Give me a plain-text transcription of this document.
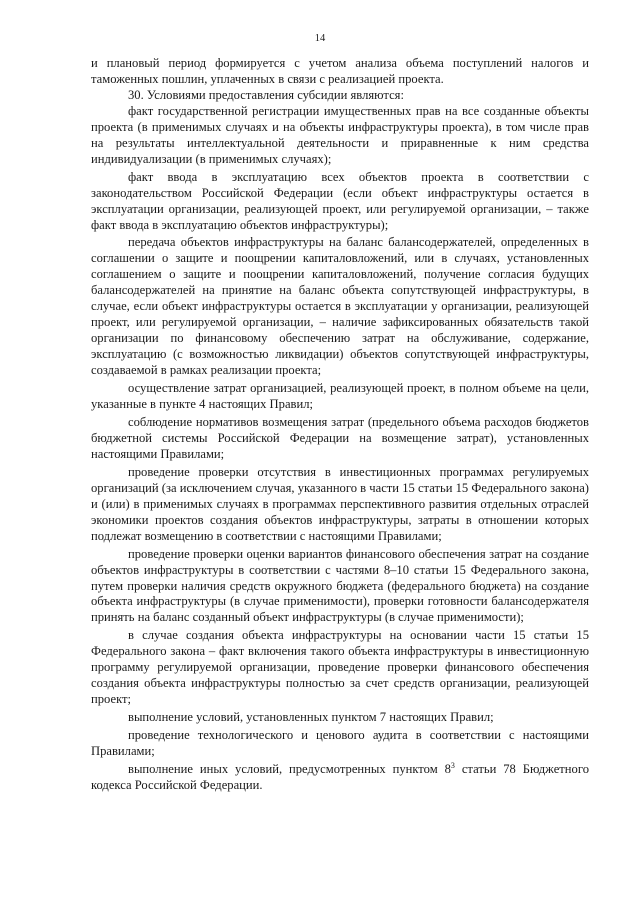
14

и плановый период формируется с учетом анализа объема поступлений налогов и таможенных пошлин, уплаченных в связи с реализацией проекта.

30. Условиями предоставления субсидии являются:

факт государственной регистрации имущественных прав на все созданные объекты проекта (в применимых случаях и на объекты инфраструктуры проекта), в том числе прав на результаты интеллектуальной деятельности и приравненные к ним средства индивидуализации (в применимых случаях);

факт ввода в эксплуатацию всех объектов проекта в соответствии с законодательством Российской Федерации (если объект инфраструктуры остается в эксплуатации организации, реализующей проект, или регулируемой организации, – также факт ввода в эксплуатацию объектов инфраструктуры);

передача объектов инфраструктуры на баланс балансодержателей, определенных в соглашении о защите и поощрении капиталовложений, или в случаях, установленных соглашением о защите и поощрении капиталовложений, получение согласия будущих балансодержателей на принятие на баланс объекта сопутствующей инфраструктуры, в случае, если объект инфраструктуры остается в эксплуатации у организации, реализующей проект, или регулируемой организации, – наличие зафиксированных обязательств такой организации по финансовому обеспечению затрат на обслуживание, содержание, эксплуатацию (с возможностью ликвидации) объектов сопутствующей инфраструктуры, создаваемой в рамках реализации проекта;

осуществление затрат организацией, реализующей проект, в полном объеме на цели, указанные в пункте 4 настоящих Правил;

соблюдение нормативов возмещения затрат (предельного объема расходов бюджетов бюджетной системы Российской Федерации на возмещение затрат), установленных настоящими Правилами;

проведение проверки отсутствия в инвестиционных программах регулируемых организаций (за исключением случая, указанного в части 15 статьи 15 Федерального закона) и (или) в применимых случаях в программах перспективного развития отдельных отраслей экономики проектов создания объектов инфраструктуры, затраты в отношении которых подлежат возмещению в соответствии с настоящими Правилами;

проведение проверки оценки вариантов финансового обеспечения затрат на создание объектов инфраструктуры в соответствии с частями 8–10 статьи 15 Федерального закона, путем проверки наличия средств окружного бюджета (федерального бюджета) на создание объекта инфраструктуры (в случае применимости), проверки готовности балансодержателя принять на баланс созданный объект инфраструктуры (в случае применимости);

в случае создания объекта инфраструктуры на основании части 15 статьи 15 Федерального закона – факт включения такого объекта инфраструктуры в инвестиционную программу регулируемой организации, проведение проверки финансового обеспечения создания объекта инфраструктуры полностью за счет средств организации, реализующей проект;

выполнение условий, установленных пунктом 7 настоящих Правил;

проведение технологического и ценового аудита в соответствии с настоящими Правилами;

выполнение иных условий, предусмотренных пунктом $8^3$ статьи 78 Бюджетного кодекса Российской Федерации.
